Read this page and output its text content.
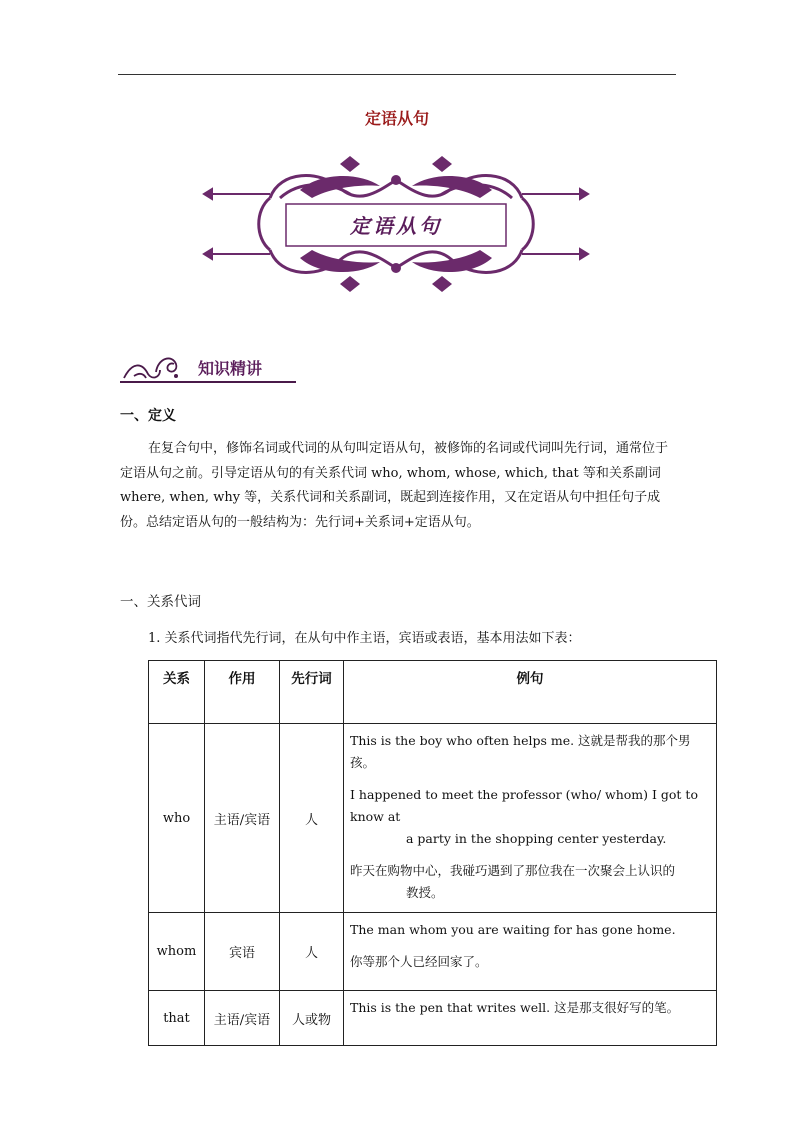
定语从句
定语从句
知识精讲
一、定义
在复合句中，修饰名词或代词的从句叫定语从句，被修饰的名词或代词叫先行词，通常位于定语从句之前。引导定语从句的有关系代词 who, whom, whose, which, that 等和关系副词 where, when, why 等，关系代词和关系副词，既起到连接作用，又在定语从句中担任句子成份。总结定语从句的一般结构为：先行词+关系词+定语从句。
一、关系代词
1. 关系代词指代先行词，在从句中作主语，宾语或表语，基本用法如下表：
关系	作用	先行词	例句
who	主语/宾语	人	This is the boy who often helps me. 这就是帮我的那个男孩。

I happened to meet the professor (who/ whom) I got to know at

a party in the shopping center yesterday.

昨天在购物中心，我碰巧遇到了那位我在一次聚会上认识的

教授。

whom	宾语	人	The man whom you are waiting for has gone home.

你等那个人已经回家了。

that	主语/宾语	人或物	This is the pen that writes well. 这是那支很好写的笔。
